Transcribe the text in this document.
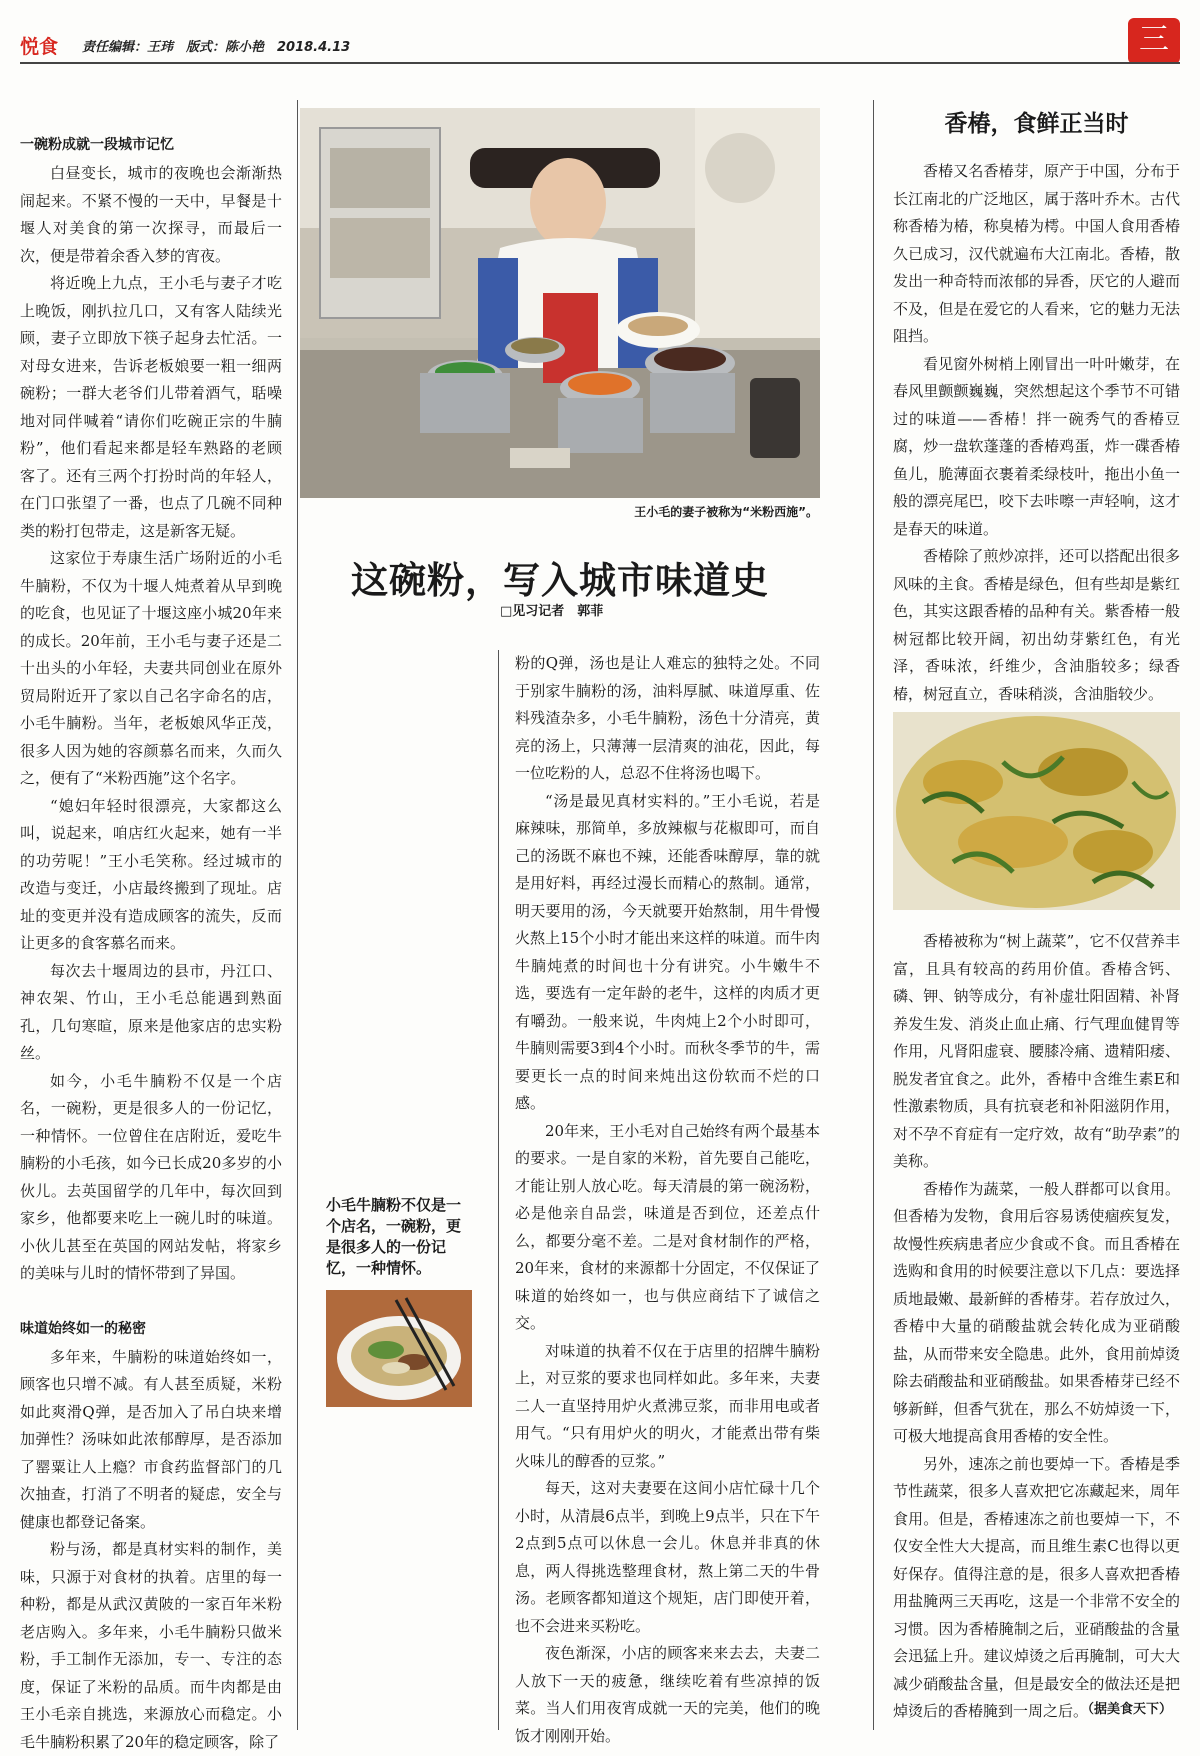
悦食 责任编辑：王玮　版式：陈小艳　2018.4.13	三
一碗粉成就一段城市记忆

白昼变长，城市的夜晚也会渐渐热闹起来。不紧不慢的一天中，早餐是十堰人对美食的第一次探寻，而最后一次，便是带着余香入梦的宵夜。

将近晚上九点，王小毛与妻子才吃上晚饭，刚扒拉几口，又有客人陆续光顾，妻子立即放下筷子起身去忙活。一对母女进来，告诉老板娘要一粗一细两碗粉；一群大老爷们儿带着酒气，聒噪地对同伴喊着“请你们吃碗正宗的牛腩粉”，他们看起来都是轻车熟路的老顾客了。还有三两个打扮时尚的年轻人，在门口张望了一番，也点了几碗不同种类的粉打包带走，这是新客无疑。

这家位于寿康生活广场附近的小毛牛腩粉，不仅为十堰人炖煮着从早到晚的吃食，也见证了十堰这座小城20年来的成长。20年前，王小毛与妻子还是二十出头的小年轻，夫妻共同创业在原外贸局附近开了家以自己名字命名的店，小毛牛腩粉。当年，老板娘风华正茂，很多人因为她的容颜慕名而来，久而久之，便有了“米粉西施”这个名字。

“媳妇年轻时很漂亮，大家都这么叫，说起来，咱店红火起来，她有一半的功劳呢！”王小毛笑称。经过城市的改造与变迁，小店最终搬到了现址。店址的变更并没有造成顾客的流失，反而让更多的食客慕名而来。

每次去十堰周边的县市，丹江口、神农架、竹山，王小毛总能遇到熟面孔，几句寒暄，原来是他家店的忠实粉丝。

如今，小毛牛腩粉不仅是一个店名，一碗粉，更是很多人的一份记忆，一种情怀。一位曾住在店附近，爱吃牛腩粉的小毛孩，如今已长成20多岁的小伙儿。去英国留学的几年中，每次回到家乡，他都要来吃上一碗儿时的味道。小伙儿甚至在英国的网站发帖，将家乡的美味与儿时的情怀带到了异国。

味道始终如一的秘密

多年来，牛腩粉的味道始终如一，顾客也只增不减。有人甚至质疑，米粉如此爽滑Q弹，是否加入了吊白块来增加弹性？汤味如此浓郁醇厚，是否添加了罂粟让人上瘾？市食药监督部门的几次抽查，打消了不明者的疑虑，安全与健康也都登记备案。

粉与汤，都是真材实料的制作，美味，只源于对食材的执着。店里的每一种粉，都是从武汉黄陂的一家百年米粉老店购入。多年来，小毛牛腩粉只做米粉，手工制作无添加，专一、专注的态度，保证了米粉的品质。而牛肉都是由王小毛亲自挑选，来源放心而稳定。小毛牛腩粉积累了20年的稳定顾客，除了

王小毛的妻子被称为“米粉西施”。
这碗粉，写入城市味道史
□见习记者　郭菲
小毛牛腩粉不仅是一个店名，一碗粉，更是很多人的一份记忆，一种情怀。

粉的Q弹，汤也是让人难忘的独特之处。不同于别家牛腩粉的汤，油料厚腻、味道厚重、佐料残渣杂多，小毛牛腩粉，汤色十分清亮，黄亮的汤上，只薄薄一层清爽的油花，因此，每一位吃粉的人，总忍不住将汤也喝下。

“汤是最见真材实料的。”王小毛说，若是麻辣味，那简单，多放辣椒与花椒即可，而自己的汤既不麻也不辣，还能香味醇厚，靠的就是用好料，再经过漫长而精心的熬制。通常，明天要用的汤，今天就要开始熬制，用牛骨慢火熬上15个小时才能出来这样的味道。而牛肉牛腩炖煮的时间也十分有讲究。小牛嫩牛不选，要选有一定年龄的老牛，这样的肉质才更有嚼劲。一般来说，牛肉炖上2个小时即可，牛腩则需要3到4个小时。而秋冬季节的牛，需要更长一点的时间来炖出这份软而不烂的口感。

20年来，王小毛对自己始终有两个最基本的要求。一是自家的米粉，首先要自己能吃，才能让别人放心吃。每天清晨的第一碗汤粉，必是他亲自品尝，味道是否到位，还差点什么，都要分毫不差。二是对食材制作的严格，20年来，食材的来源都十分固定，不仅保证了味道的始终如一，也与供应商结下了诚信之交。

对味道的执着不仅在于店里的招牌牛腩粉上，对豆浆的要求也同样如此。多年来，夫妻二人一直坚持用炉火煮沸豆浆，而非用电或者用气。“只有用炉火的明火，才能煮出带有柴火味儿的醇香的豆浆。”

每天，这对夫妻要在这间小店忙碌十几个小时，从清晨6点半，到晚上9点半，只在下午2点到5点可以休息一会儿。休息并非真的休息，两人得挑选整理食材，熬上第二天的牛骨汤。老顾客都知道这个规矩，店门即使开着，也不会进来买粉吃。

夜色渐深，小店的顾客来来去去，夫妻二人放下一天的疲惫，继续吃着有些凉掉的饭菜。当人们用夜宵成就一天的完美，他们的晚饭才刚刚开始。

香椿，食鲜正当时

香椿又名香椿芽，原产于中国，分布于长江南北的广泛地区，属于落叶乔木。古代称香椿为椿，称臭椿为樗。中国人食用香椿久已成习，汉代就遍布大江南北。香椿，散发出一种奇特而浓郁的异香，厌它的人避而不及，但是在爱它的人看来，它的魅力无法阻挡。

看见窗外树梢上刚冒出一叶叶嫩芽，在春风里颤颤巍巍，突然想起这个季节不可错过的味道——香椿！拌一碗秀气的香椿豆腐，炒一盘软蓬蓬的香椿鸡蛋，炸一碟香椿鱼儿，脆薄面衣裹着柔绿枝叶，拖出小鱼一般的漂亮尾巴，咬下去咔嚓一声轻响，这才是春天的味道。

香椿除了煎炒凉拌，还可以搭配出很多风味的主食。香椿是绿色，但有些却是紫红色，其实这跟香椿的品种有关。紫香椿一般树冠都比较开阔，初出幼芽紫红色，有光泽，香味浓，纤维少，含油脂较多；绿香椿，树冠直立，香味稍淡，含油脂较少。

香椿被称为“树上蔬菜”，它不仅营养丰富，且具有较高的药用价值。香椿含钙、磷、钾、钠等成分，有补虚壮阳固精、补肾养发生发、消炎止血止痛、行气理血健胃等作用，凡肾阳虚衰、腰膝冷痛、遗精阳痿、脱发者宜食之。此外，香椿中含维生素E和性激素物质，具有抗衰老和补阳滋阴作用，对不孕不育症有一定疗效，故有“助孕素”的美称。

香椿作为蔬菜，一般人群都可以食用。但香椿为发物，食用后容易诱使痼疾复发，故慢性疾病患者应少食或不食。而且香椿在选购和食用的时候要注意以下几点：要选择质地最嫩、最新鲜的香椿芽。若存放过久，香椿中大量的硝酸盐就会转化成为亚硝酸盐，从而带来安全隐患。此外，食用前焯烫除去硝酸盐和亚硝酸盐。如果香椿芽已经不够新鲜，但香气犹在，那么不妨焯烫一下，可极大地提高食用香椿的安全性。

另外，速冻之前也要焯一下。香椿是季节性蔬菜，很多人喜欢把它冻藏起来，周年食用。但是，香椿速冻之前也要焯一下，不仅安全性大大提高，而且维生素C也得以更好保存。值得注意的是，很多人喜欢把香椿用盐腌两三天再吃，这是一个非常不安全的习惯。因为香椿腌制之后，亚硝酸盐的含量会迅猛上升。建议焯烫之后再腌制，可大大减少硝酸盐含量，但是最安全的做法还是把焯烫后的香椿腌到一周之后。

（据美食天下）
